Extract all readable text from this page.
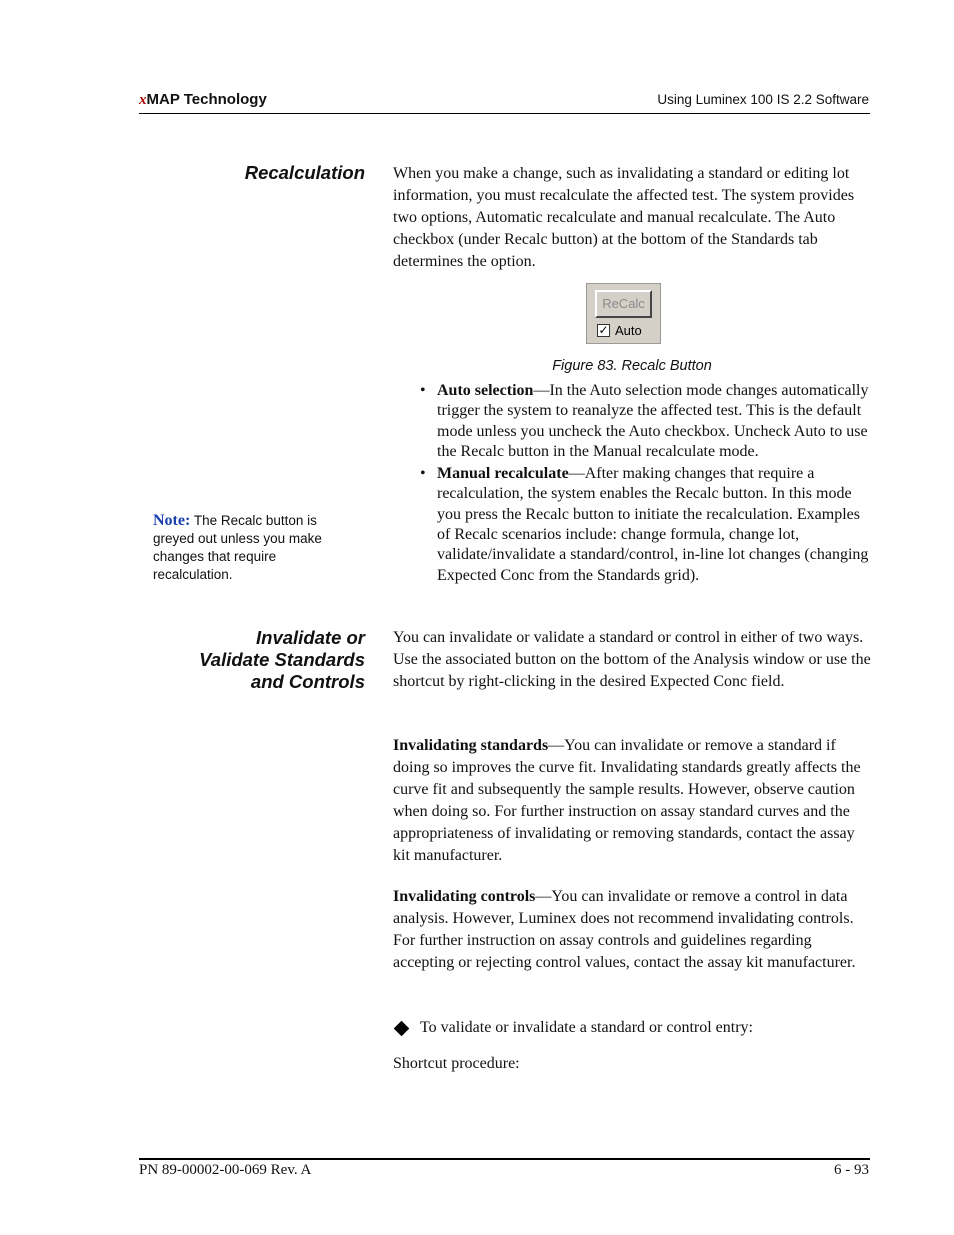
xMAP Technology	Using Luminex 100 IS 2.2 Software
Recalculation When you make a change, such as invalidating a standard or editing lot information, you must recalculate the affected test. The system provides two options, Automatic recalculate and manual recalculate. The Auto checkbox (under Recalc button) at the bottom of the Standards tab determines the option.

ReCalc
✓ Auto
Figure 83. Recalc Button
• Auto selection—In the Auto selection mode changes automatically trigger the system to reanalyze the affected test. This is the default mode unless you uncheck the Auto checkbox. Uncheck Auto to use the Recalc button in the Manual recalculate mode.
• Manual recalculate—After making changes that require a recalculation, the system enables the Recalc button. In this mode you press the Recalc button to initiate the recalculation. Examples of Recalc scenarios include: change formula, change lot, validate/invalidate a standard/control, in-line lot changes (changing Expected Conc from the Standards grid).
Note: The Recalc button is greyed out unless you make changes that require recalculation.
Invalidate or
Validate Standards
and Controls

You can invalidate or validate a standard or control in either of two ways. Use the associated button on the bottom of the Analysis window or use the shortcut by right-clicking in the desired Expected Conc field.

Invalidating standards—You can invalidate or remove a standard if doing so improves the curve fit. Invalidating standards greatly affects the curve fit and subsequently the sample results. However, observe caution when doing so. For further instruction on assay standard curves and the appropriateness of invalidating or removing standards, contact the assay kit manufacturer.

Invalidating controls—You can invalidate or remove a control in data analysis. However, Luminex does not recommend invalidating controls. For further instruction on assay controls and guidelines regarding accepting or rejecting control values, contact the assay kit manufacturer.

To validate or invalidate a standard or control entry:

Shortcut procedure:

PN 89-00002-00-069 Rev. A	6 - 93
